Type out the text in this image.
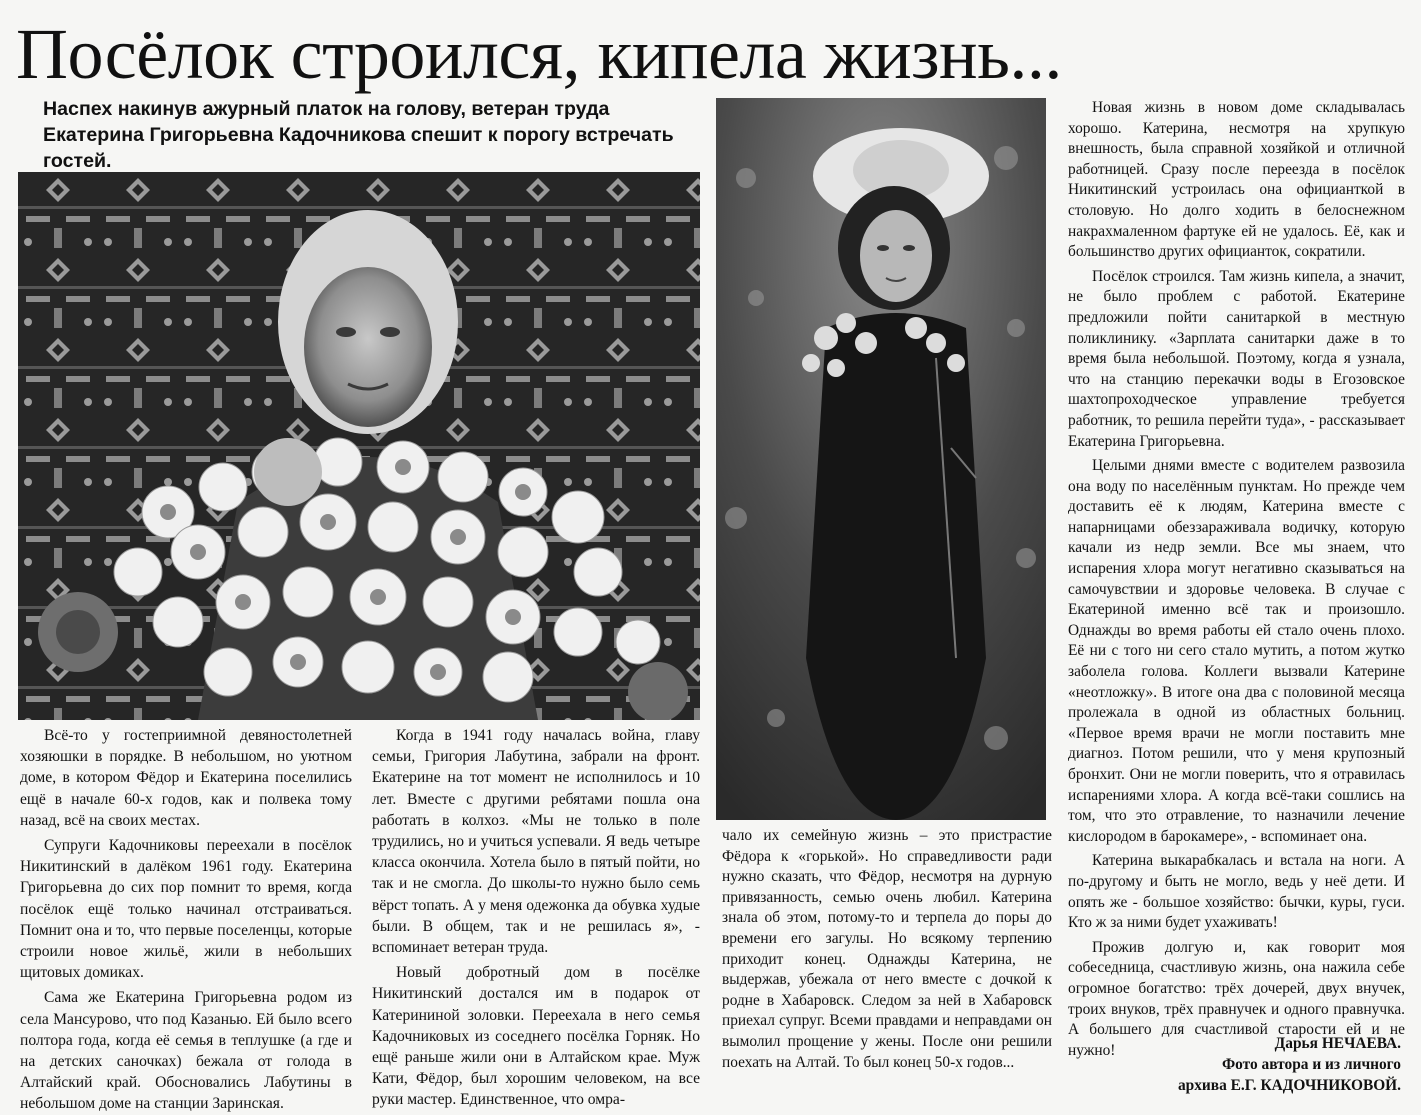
Посёлок строился, кипела жизнь...
Наспех накинув ажурный платок на голову, ветеран труда Екатерина Григорьевна Кадочникова спешит к порогу встречать гостей.

Всё-то у гостеприимной девяностолетней хозяюшки в порядке. В небольшом, но уютном доме, в котором Фёдор и Екатерина поселились ещё в начале 60-х годов, как и полвека тому назад, всё на своих местах.

Супруги Кадочниковы переехали в посёлок Никитинский в далёком 1961 году. Екатерина Григорьевна до сих пор помнит то время, когда посёлок ещё только начинал отстраиваться. Помнит она и то, что первые поселенцы, которые строили новое жильё, жили в небольших щитовых домиках.

Сама же Екатерина Григорьевна родом из села Мансурово, что под Казанью. Ей было всего полтора года, когда её семья в теплушке (а где и на детских саночках) бежала от голода в Алтайский край. Обосновались Лабутины в небольшом доме на станции Заринская.

Когда в 1941 году началась война, главу семьи, Григория Лабутина, забрали на фронт. Екатерине на тот момент не исполнилось и 10 лет. Вместе с другими ребятами пошла она работать в колхоз. «Мы не только в поле трудились, но и учиться успевали. Я ведь четыре класса окончила. Хотела было в пятый пойти, но так и не смогла. До школы-то нужно было семь вёрст топать. А у меня одежонка да обувка худые были. В общем, так и не решилась я», - вспоминает ветеран труда.

Новый добротный дом в посёлке Никитинский достался им в подарок от Катерининой золовки. Переехала в него семья Кадочниковых из соседнего посёлка Горняк. Но ещё раньше жили они в Алтайском крае. Муж Кати, Фёдор, был хорошим человеком, на все руки мастер. Единственное, что омра-

чало их семейную жизнь – это пристрастие Фёдора к «горькой». Но справедливости ради нужно сказать, что Фёдор, несмотря на дурную привязанность, семью очень любил. Катерина знала об этом, потому-то и терпела до поры до времени его загулы. Но всякому терпению приходит конец. Однажды Катерина, не выдержав, убежала от него вместе с дочкой к родне в Хабаровск. Следом за ней в Хабаровск приехал супруг. Всеми правдами и неправдами он вымолил прощение у жены. После они решили поехать на Алтай. То был конец 50-х годов...

Новая жизнь в новом доме складывалась хорошо. Катерина, несмотря на хрупкую внешность, была справной хозяйкой и отличной работницей. Сразу после переезда в посёлок Никитинский устроилась она официанткой в столовую. Но долго ходить в белоснежном накрахмаленном фартуке ей не удалось. Её, как и большинство других официанток, сократили.

Посёлок строился. Там жизнь кипела, а значит, не было проблем с работой. Екатерине предложили пойти санитаркой в местную поликлинику. «Зарплата санитарки даже в то время была небольшой. Поэтому, когда я узнала, что на станцию перекачки воды в Егозовское шахтопроходческое управление требуется работник, то решила перейти туда», - рассказывает Екатерина Григорьевна.

Целыми днями вместе с водителем развозила она воду по населённым пунктам. Но прежде чем доставить её к людям, Катерина вместе с напарницами обеззараживала водичку, которую качали из недр земли. Все мы знаем, что испарения хлора могут негативно сказываться на самочувствии и здоровье человека. В случае с Екатериной именно всё так и произошло. Однажды во время работы ей стало очень плохо. Её ни с того ни сего стало мутить, а потом жутко заболела голова. Коллеги вызвали Катерине «неотложку». В итоге она два с половиной месяца пролежала в одной из областных больниц. «Первое время врачи не могли поставить мне диагноз. Потом решили, что у меня крупозный бронхит. Они не могли поверить, что я отравилась испарениями хлора. А когда всё-таки сошлись на том, что это отравление, то назначили лечение кислородом в барокамере», - вспоминает она.

Катерина выкарабкалась и встала на ноги. А по-другому и быть не могло, ведь у неё дети. И опять же - большое хозяйство: бычки, куры, гуси. Кто ж за ними будет ухаживать!

Прожив долгую и, как говорит моя собеседница, счастливую жизнь, она нажила себе огромное богатство: трёх дочерей, двух внучек, троих внуков, трёх правнучек и одного правнучка. А большего для счастливой старости ей и не нужно!	Дарья НЕЧАЕВА.
Фото автора и из личного
архива Е.Г. КАДОЧНИКОВОЙ.
